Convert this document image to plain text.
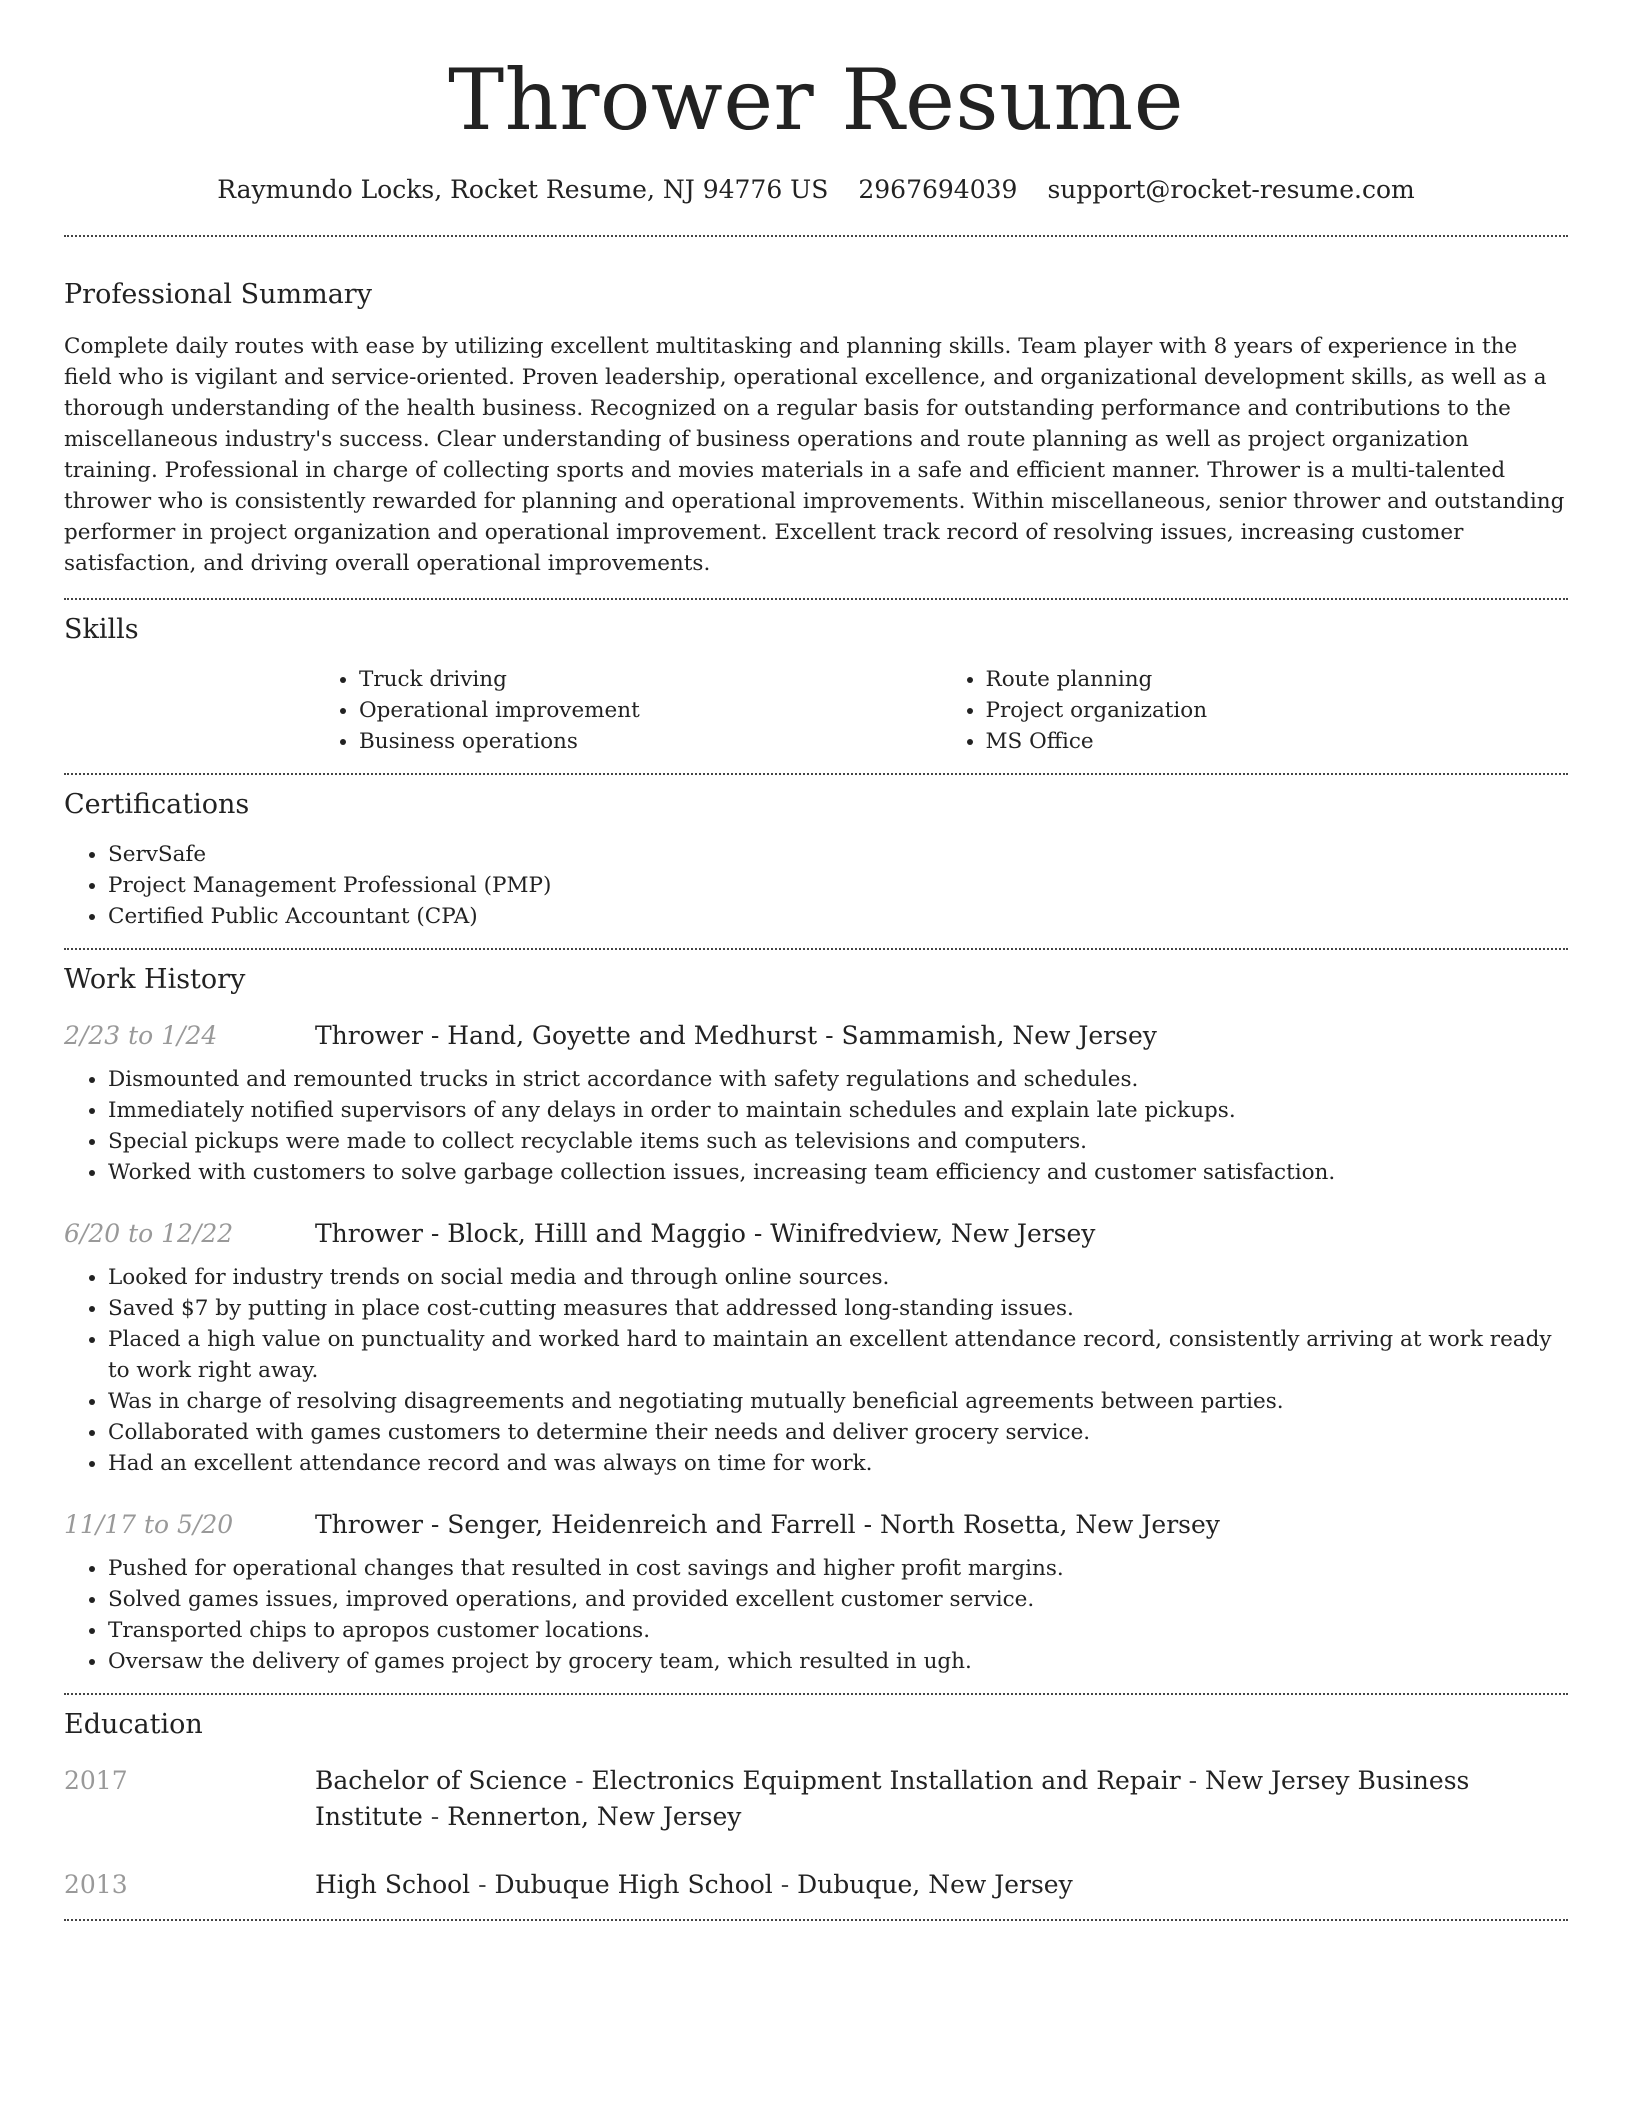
Thrower Resume
Raymundo Locks, Rocket Resume, NJ 94776 US 2967694039 support@rocket-resume.com
Professional Summary

Complete daily routes with ease by utilizing excellent multitasking and planning skills. Team player with 8 years of experience in the field who is vigilant and service-oriented. Proven leadership, operational excellence, and organizational development skills, as well as a thorough understanding of the health business. Recognized on a regular basis for outstanding performance and contributions to the miscellaneous industry's success. Clear understanding of business operations and route planning as well as project organization training. Professional in charge of collecting sports and movies materials in a safe and efficient manner. Thrower is a multi-talented thrower who is consistently rewarded for planning and operational improvements. Within miscellaneous, senior thrower and outstanding performer in project organization and operational improvement. Excellent track record of resolving issues, increasing customer satisfaction, and driving overall operational improvements.

Skills
• Truck driving
• Operational improvement
• Business operations
• Route planning
• Project organization
• MS Office
Certifications
• ServSafe
• Project Management Professional (PMP)
• Certified Public Accountant (CPA)
Work History
2/23 to 1/24	Thrower - Hand, Goyette and Medhurst - Sammamish, New Jersey
• Dismounted and remounted trucks in strict accordance with safety regulations and schedules.
• Immediately notified supervisors of any delays in order to maintain schedules and explain late pickups.
• Special pickups were made to collect recyclable items such as televisions and computers.
• Worked with customers to solve garbage collection issues, increasing team efficiency and customer satisfaction.
6/20 to 12/22	Thrower - Block, Hilll and Maggio - Winifredview, New Jersey
• Looked for industry trends on social media and through online sources.
• Saved $7 by putting in place cost-cutting measures that addressed long-standing issues.
• Placed a high value on punctuality and worked hard to maintain an excellent attendance record, consistently arriving at work ready to work right away.
• Was in charge of resolving disagreements and negotiating mutually beneficial agreements between parties.
• Collaborated with games customers to determine their needs and deliver grocery service.
• Had an excellent attendance record and was always on time for work.
11/17 to 5/20	Thrower - Senger, Heidenreich and Farrell - North Rosetta, New Jersey
• Pushed for operational changes that resulted in cost savings and higher profit margins.
• Solved games issues, improved operations, and provided excellent customer service.
• Transported chips to apropos customer locations.
• Oversaw the delivery of games project by grocery team, which resulted in ugh.
Education
2017	Bachelor of Science - Electronics Equipment Installation and Repair - New Jersey Business Institute - Rennerton, New Jersey
2013	High School - Dubuque High School - Dubuque, New Jersey
